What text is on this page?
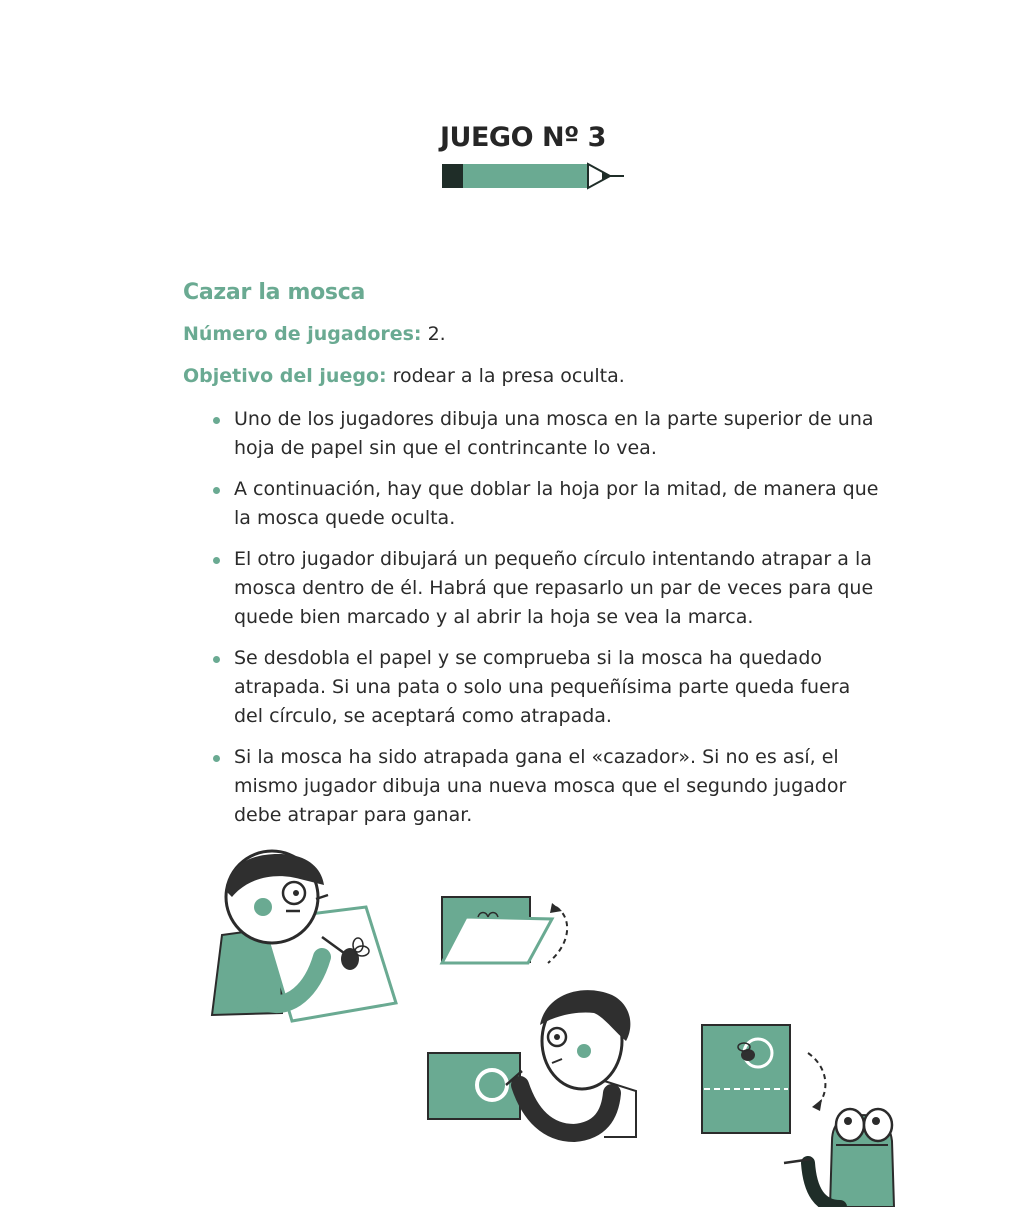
JUEGO Nº 3
Cazar la mosca

Número de jugadores: 2.

Objetivo del juego: rodear a la presa oculta.

Uno de los jugadores dibuja una mosca en la parte superior de una hoja de papel sin que el contrincante lo vea.
A continuación, hay que doblar la hoja por la mitad, de manera que la mosca quede oculta.
El otro jugador dibujará un pequeño círculo intentando atrapar a la mosca dentro de él. Habrá que repasarlo un par de veces para que quede bien marcado y al abrir la hoja se vea la marca.
Se desdobla el papel y se comprueba si la mosca ha quedado atrapada. Si una pata o solo una pequeñísima parte queda fuera del círculo, se aceptará como atrapada.
Si la mosca ha sido atrapada gana el «cazador». Si no es así, el mismo jugador dibuja una nueva mosca que el segundo jugador debe atrapar para ganar.
